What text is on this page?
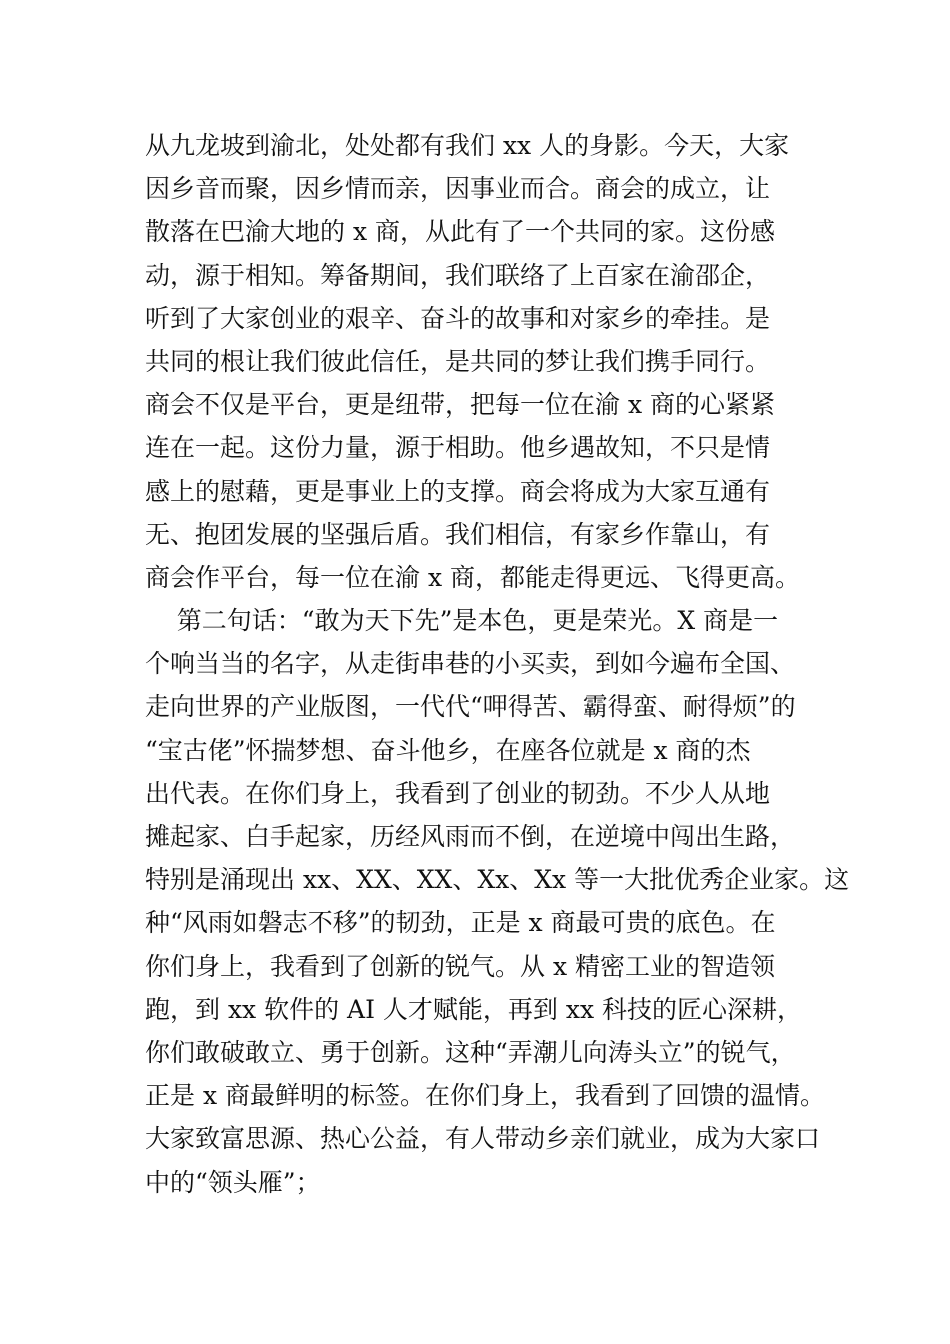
从九龙坡到渝北，处处都有我们 xx 人的身影。今天，大家
因乡音而聚，因乡情而亲，因事业而合。商会的成立，让
散落在巴渝大地的 x 商，从此有了一个共同的家。这份感
动，源于相知。筹备期间，我们联络了上百家在渝邵企，
听到了大家创业的艰辛、奋斗的故事和对家乡的牵挂。是
共同的根让我们彼此信任，是共同的梦让我们携手同行。
商会不仅是平台，更是纽带，把每一位在渝 x 商的心紧紧
连在一起。这份力量，源于相助。他乡遇故知，不只是情
感上的慰藉，更是事业上的支撑。商会将成为大家互通有
无、抱团发展的坚强后盾。我们相信，有家乡作靠山，有
商会作平台，每一位在渝 x 商，都能走得更远、飞得更高。
第二句话：“敢为天下先”是本色，更是荣光。X 商是一
个响当当的名字，从走街串巷的小买卖，到如今遍布全国、
走向世界的产业版图，一代代“呷得苦、霸得蛮、耐得烦”的
“宝古佬”怀揣梦想、奋斗他乡，在座各位就是 x 商的杰
出代表。在你们身上，我看到了创业的韧劲。不少人从地
摊起家、白手起家，历经风雨而不倒，在逆境中闯出生路，
特别是涌现出 xx、XX、XX、Xx、Xx 等一大批优秀企业家。这
种“风雨如磐志不移”的韧劲，正是 x 商最可贵的底色。在
你们身上，我看到了创新的锐气。从 x 精密工业的智造领
跑，到 xx 软件的 AI 人才赋能，再到 xx 科技的匠心深耕，
你们敢破敢立、勇于创新。这种“弄潮儿向涛头立”的锐气，
正是 x 商最鲜明的标签。在你们身上，我看到了回馈的温情。
大家致富思源、热心公益，有人带动乡亲们就业，成为大家口
中的“领头雁”；
